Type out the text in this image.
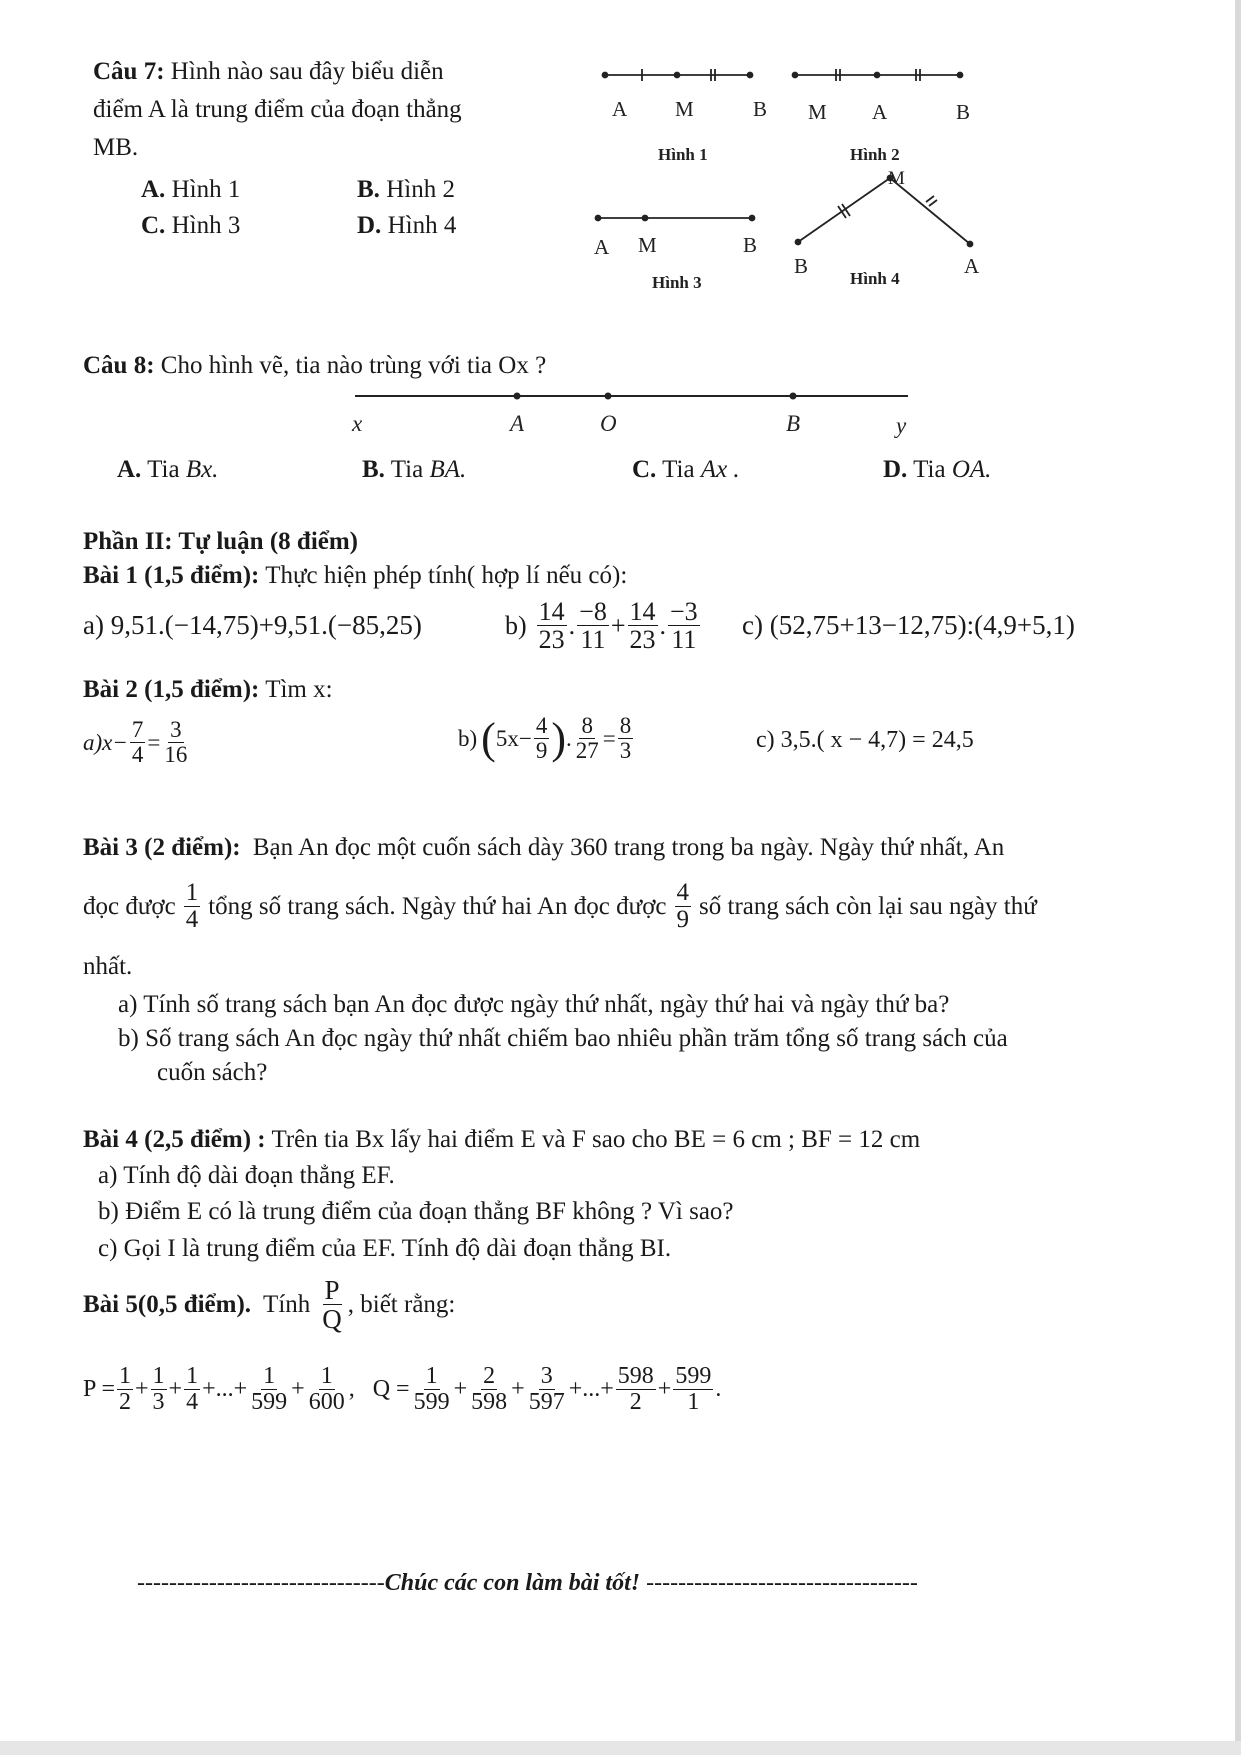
Câu 7: Hình nào sau đây biểu diễn
điểm A là trung điểm của đoạn thẳng
MB.
A. Hình 1	B. Hình 2
C. Hình 3	D. Hình 4
A M	B
Hình 1
M A	B
Hình 2
A M	B
Hình 3
M
B	A
Hình 4
Câu 8: Cho hình vẽ, tia nào trùng với tia Ox ?
x	A	O	B	y
A. Tia Bx.	B. Tia BA.	C. Tia Ax .	D. Tia OA.
Phần II: Tự luận (8 điểm)
Bài 1 (1,5 điểm): Thực hiện phép tính( hợp lí nếu có):
a) 9,51.(−14,75)+9,51.(−85,25)	$b) \frac{14}{23}$ . $\frac{-8}{11} + \frac{14}{23}$ . $\frac{-3}{11} c$) (52,75+13−12,75):(4,9+5,1)
Bài 2 (1,5 điểm): Tìm x:
$a)x- \frac{7}{4} = \frac{3}{16}$	b) ( $5x- \frac{4}{9}$ ) . $\frac{8}{27} = \frac{8}{3}$	c) 3,5.( x − 4,7) = 24,5
Bài 3 (2 điểm): Bạn An đọc một cuốn sách dày 360 trang trong ba ngày. Ngày thứ nhất, An
đọc được $\frac{1}{4}$ tổng số trang sách. Ngày thứ hai An đọc được $\frac{4}{9}$ số trang sách còn lại sau ngày thứ
nhất.
a) Tính số trang sách bạn An đọc được ngày thứ nhất, ngày thứ hai và ngày thứ ba?
b) Số trang sách An đọc ngày thứ nhất chiếm bao nhiêu phần trăm tổng số trang sách của
cuốn sách?
Bài 4 (2,5 điểm) : Trên tia Bx lấy hai điểm E và F sao cho BE = 6 cm ; BF = 12 cm
a) Tính độ dài đoạn thẳng EF.
b) Điểm E có là trung điểm của đoạn thẳng BF không ? Vì sao?
c) Gọi I là trung điểm của EF. Tính độ dài đoạn thẳng BI.
Bài 5(0,5 điểm). Tính $\frac{P}{Q}$ , biết rằng:
$P = \frac{1}{2} + \frac{1}{3} + \frac{1}{4}$ +...+ $\frac{1}{599} + \frac{1}{600}$ , $Q = \frac{1}{599} + \frac{2}{598} + \frac{3}{597}$ +...+ $\frac{598}{2} + \frac{599}{1}$ .
-------------------------------Chúc các con làm bài tốt! ----------------------------------
